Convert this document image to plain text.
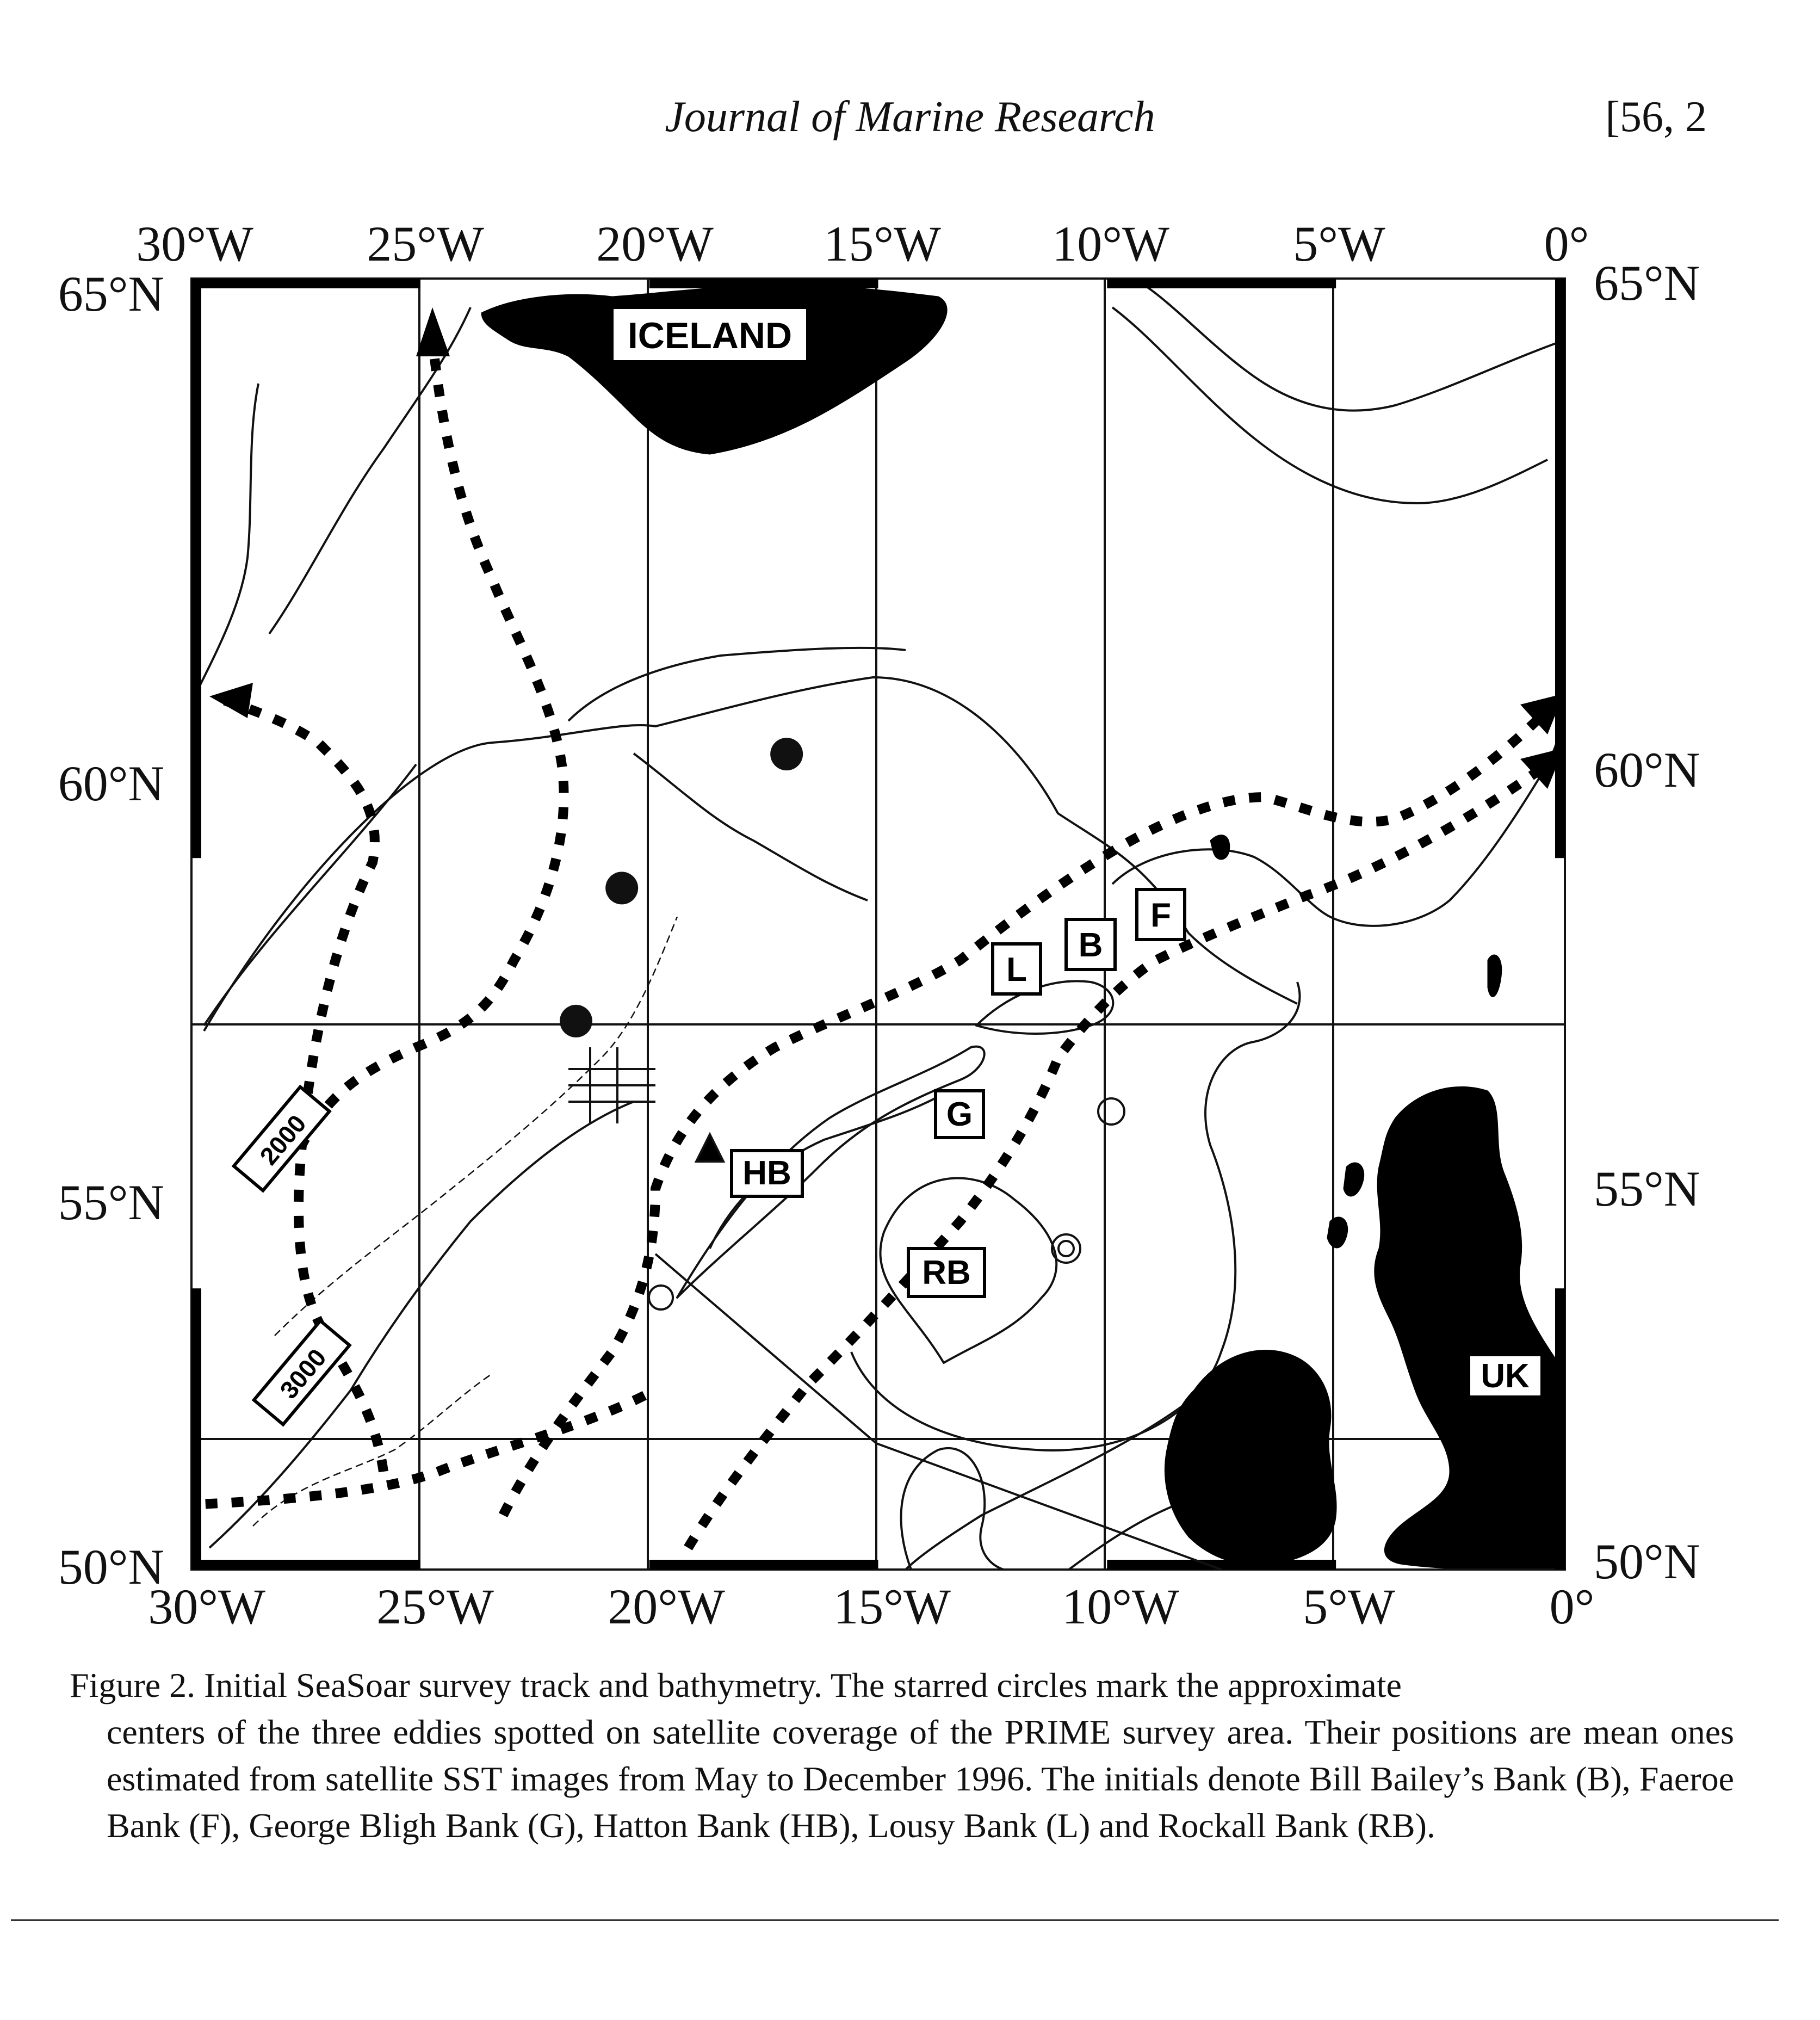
Journal of Marine Research	[56, 2
30°W 25°W 20°W 15°W 10°W 5°W	0°
65°N
60°N
55°N
50°N
65°N
60°N
55°N
50°N
L
B
F
G
HB
RB
ICELAND
UK
2000
3000
30°W 25°W 20°W 15°W 10°W 5°W	0°
Figure 2. Initial SeaSoar survey track and bathymetry. The starred circles mark the approximate
centers of the three eddies spotted on satellite coverage of the PRIME survey area. Their positions are mean ones estimated from satellite SST images from May to December 1996. The initials denote Bill Bailey’s Bank (B), Faeroe Bank (F), George Bligh Bank (G), Hatton Bank (HB), Lousy Bank (L) and Rockall Bank (RB).
